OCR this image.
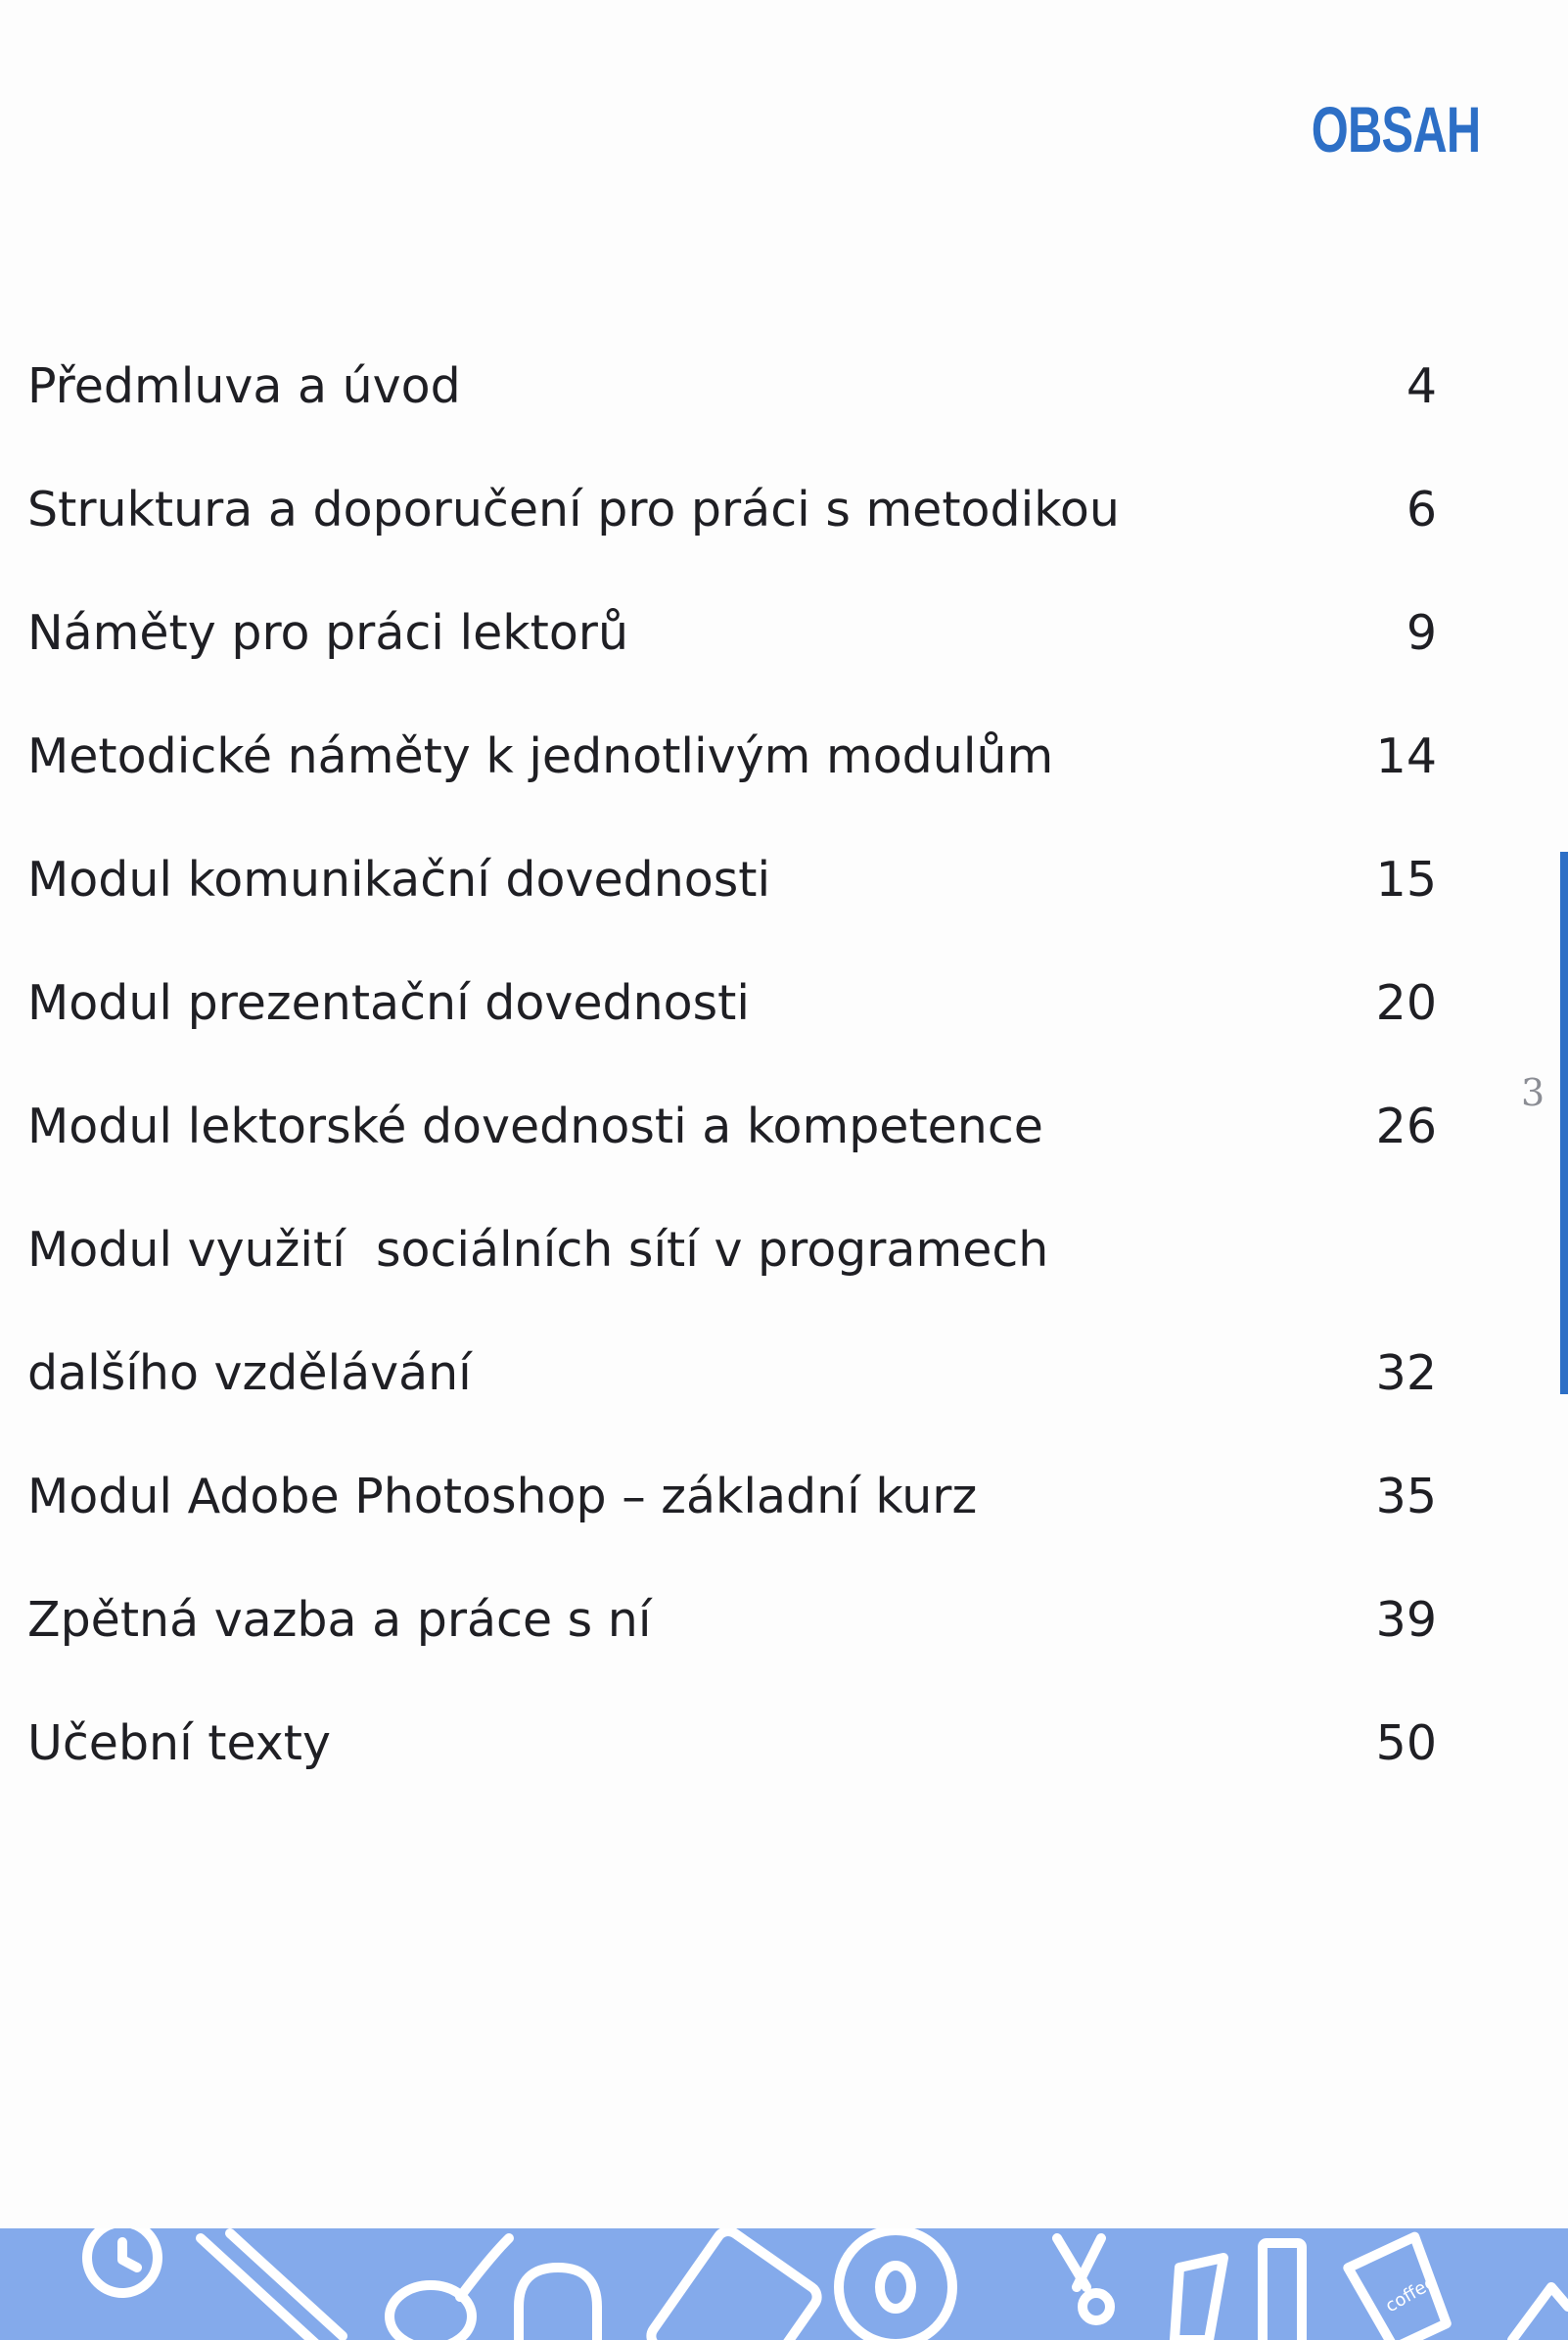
OBSAH
Předmluva a úvod	4
Struktura a doporučení pro práci s metodikou	6
Náměty pro práci lektorů	9
Metodické náměty k jednotlivým modulům	14
Modul komunikační dovednosti	15
Modul prezentační dovednosti	20
Modul lektorské dovednosti a kompetence	26
Modul využití  sociálních sítí v programech
dalšího vzdělávání	32
Modul Adobe Photoshop – základní kurz	35
Zpětná vazba a práce s ní	39
Učební texty	50
3
coffee
